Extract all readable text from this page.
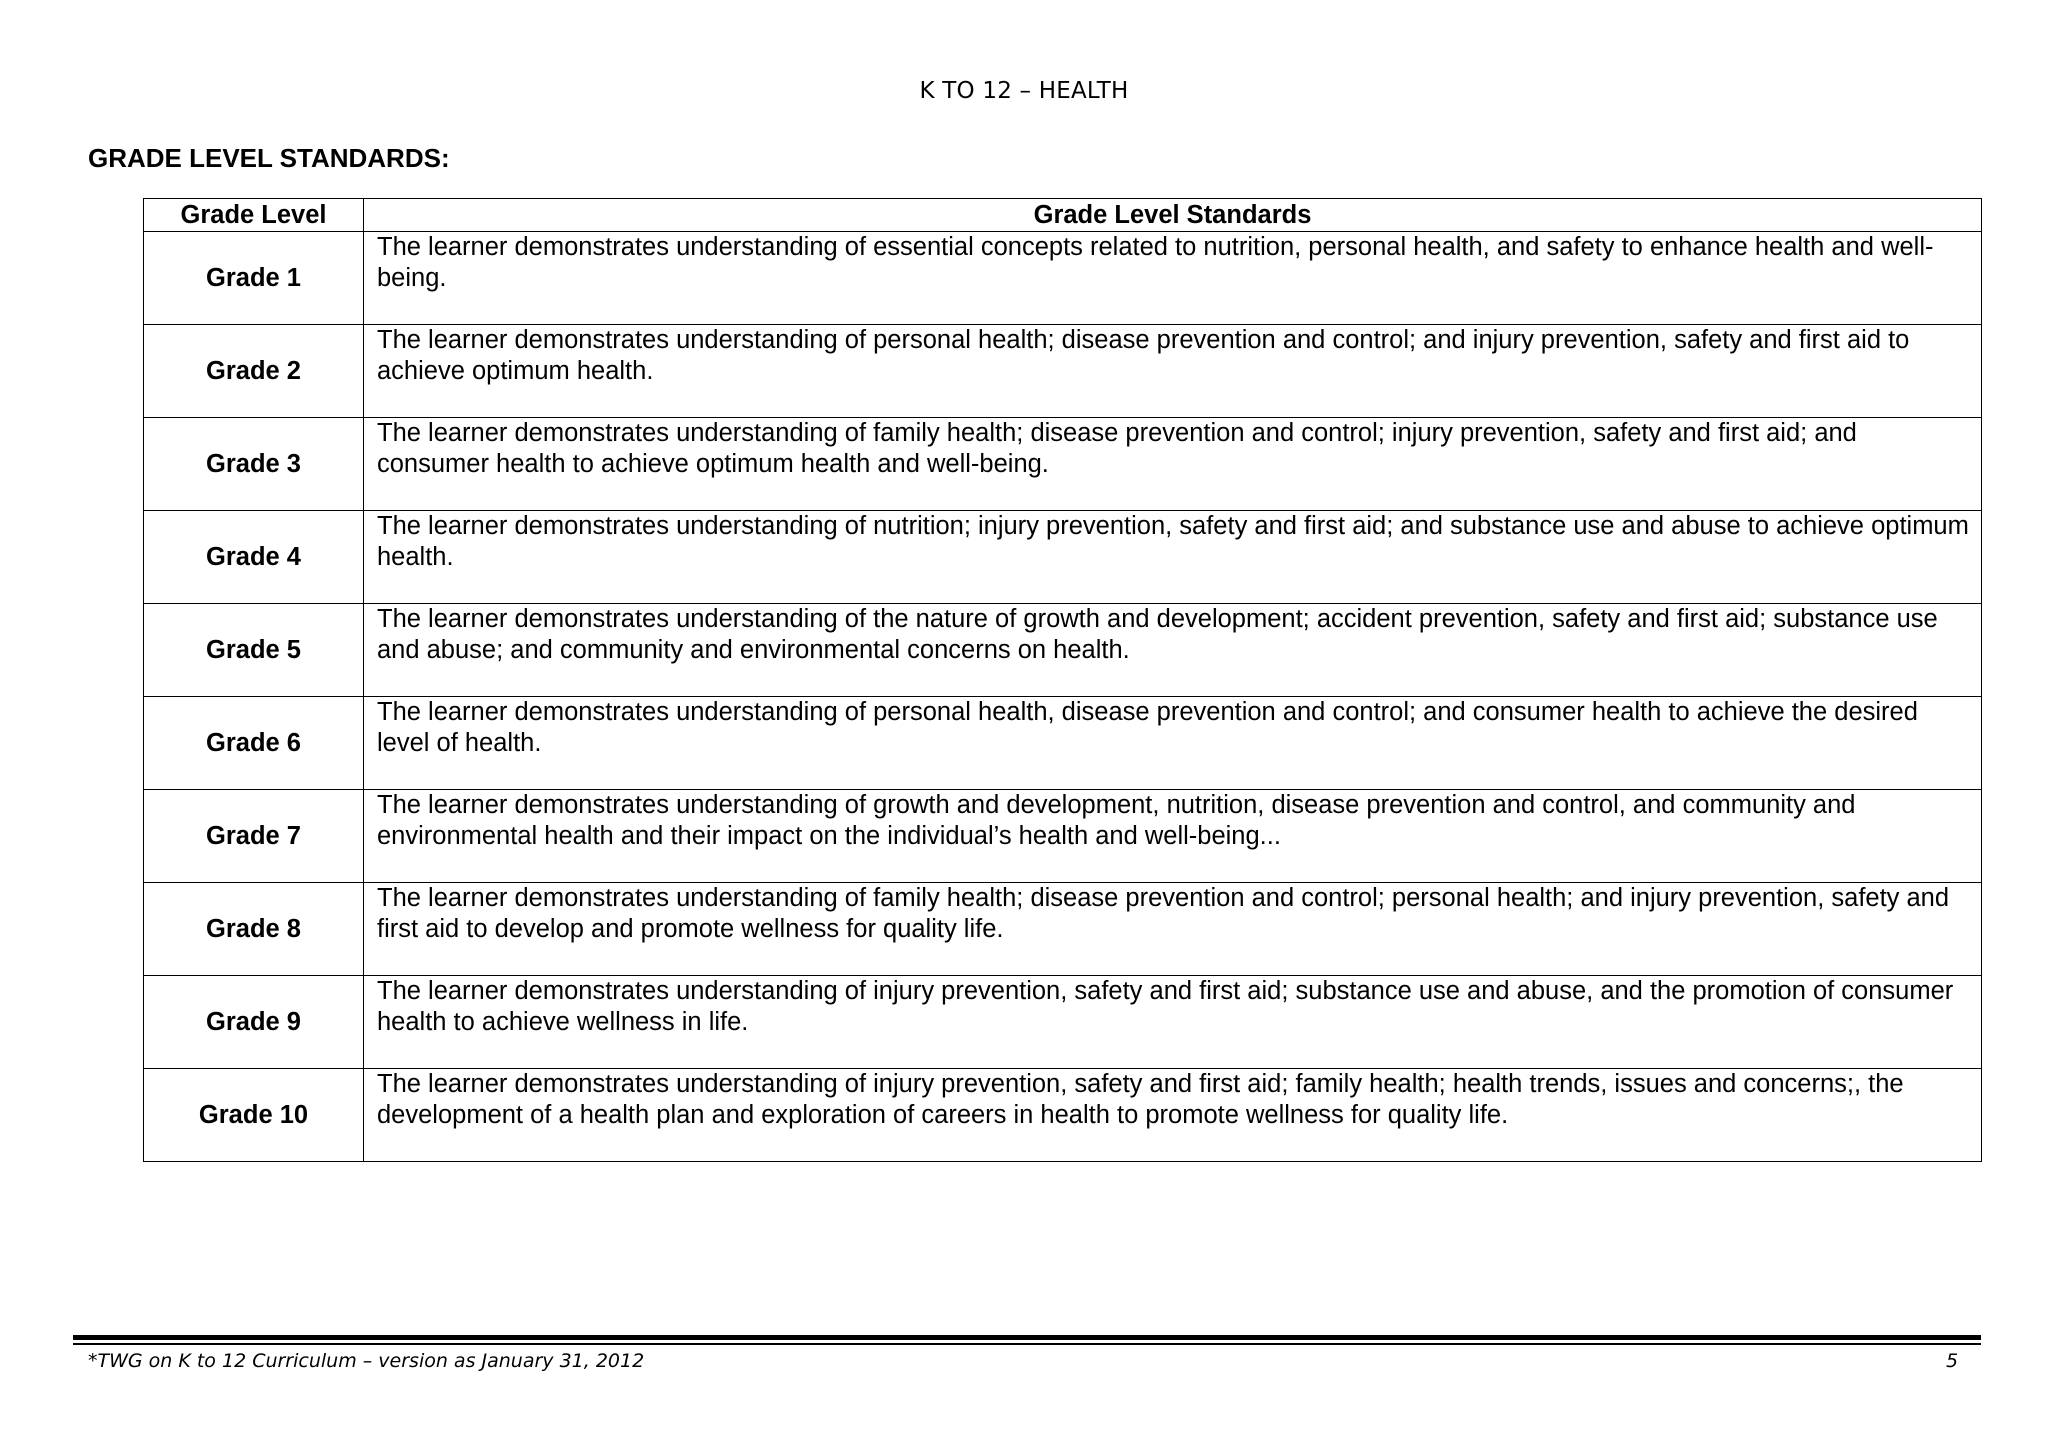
K TO 12 – HEALTH
GRADE LEVEL STANDARDS:
Grade Level	Grade Level Standards
Grade 1	The learner demonstrates understanding of essential concepts related to nutrition, personal health, and safety to enhance health and well-being.
Grade 2	The learner demonstrates understanding of personal health; disease prevention and control; and injury prevention, safety and first aid to achieve optimum health.
Grade 3	The learner demonstrates understanding of family health; disease prevention and control; injury prevention, safety and first aid; and consumer health to achieve optimum health and well-being.
Grade 4	The learner demonstrates understanding of nutrition; injury prevention, safety and first aid; and substance use and abuse to achieve optimum health.
Grade 5	The learner demonstrates understanding of the nature of growth and development; accident prevention, safety and first aid; substance use and abuse; and community and environmental concerns on health.
Grade 6	The learner demonstrates understanding of personal health, disease prevention and control; and consumer health to achieve the desired level of health.
Grade 7	The learner demonstrates understanding of growth and development, nutrition, disease prevention and control, and community and environmental health and their impact on the individual’s health and well-being...
Grade 8	The learner demonstrates understanding of family health; disease prevention and control; personal health; and injury prevention, safety and first aid to develop and promote wellness for quality life.
Grade 9	The learner demonstrates understanding of injury prevention, safety and first aid; substance use and abuse, and the promotion of consumer health to achieve wellness in life.
Grade 10	The learner demonstrates understanding of injury prevention, safety and first aid; family health; health trends, issues and concerns;, the development of a health plan and exploration of careers in health to promote wellness for quality life.
*TWG on K to 12 Curriculum – version as January 31, 2012	5
